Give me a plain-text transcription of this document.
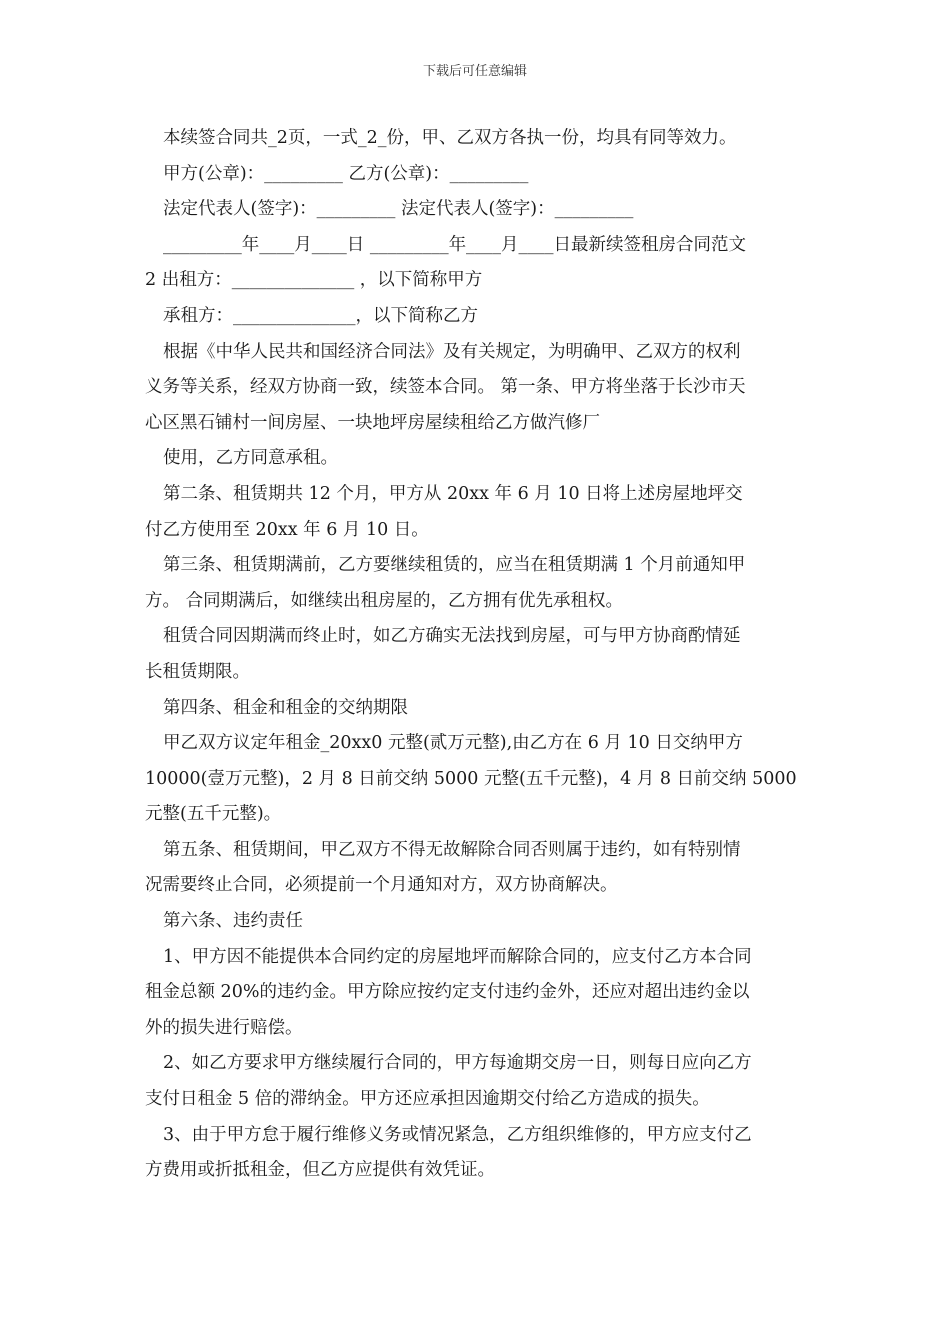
下载后可任意编辑

本续签合同共_2页，一式_2_份，甲、乙双方各执一份，均具有同等效力。

甲方(公章)：_________ 乙方(公章)：_________

法定代表人(签字)：_________ 法定代表人(签字)：_________

_________年____月____日 _________年____月____日最新续签租房合同范文

2 出租方：______________ ，以下简称甲方

承租方：______________，以下简称乙方

根据《中华人民共和国经济合同法》及有关规定，为明确甲、乙双方的权利

义务等关系，经双方协商一致，续签本合同。 第一条、甲方将坐落于长沙市天

心区黑石铺村一间房屋、一块地坪房屋续租给乙方做汽修厂

使用，乙方同意承租。

第二条、租赁期共 12 个月，甲方从 20xx 年 6 月 10 日将上述房屋地坪交

付乙方使用至 20xx 年 6 月 10 日。

第三条、租赁期满前，乙方要继续租赁的，应当在租赁期满 1 个月前通知甲

方。 合同期满后，如继续出租房屋的，乙方拥有优先承租权。

租赁合同因期满而终止时，如乙方确实无法找到房屋，可与甲方协商酌情延

长租赁期限。

第四条、租金和租金的交纳期限

甲乙双方议定年租金_20xx0 元整(贰万元整),由乙方在 6 月 10 日交纳甲方

10000(壹万元整)，2 月 8 日前交纳 5000 元整(五千元整)，4 月 8 日前交纳 5000

元整(五千元整)。

第五条、租赁期间，甲乙双方不得无故解除合同否则属于违约，如有特别情

况需要终止合同，必须提前一个月通知对方，双方协商解决。

第六条、违约责任

1、甲方因不能提供本合同约定的房屋地坪而解除合同的，应支付乙方本合同

租金总额 20%的违约金。甲方除应按约定支付违约金外，还应对超出违约金以

外的损失进行赔偿。

2、如乙方要求甲方继续履行合同的，甲方每逾期交房一日，则每日应向乙方

支付日租金 5 倍的滞纳金。甲方还应承担因逾期交付给乙方造成的损失。

3、由于甲方怠于履行维修义务或情况紧急，乙方组织维修的，甲方应支付乙

方费用或折抵租金，但乙方应提供有效凭证。
